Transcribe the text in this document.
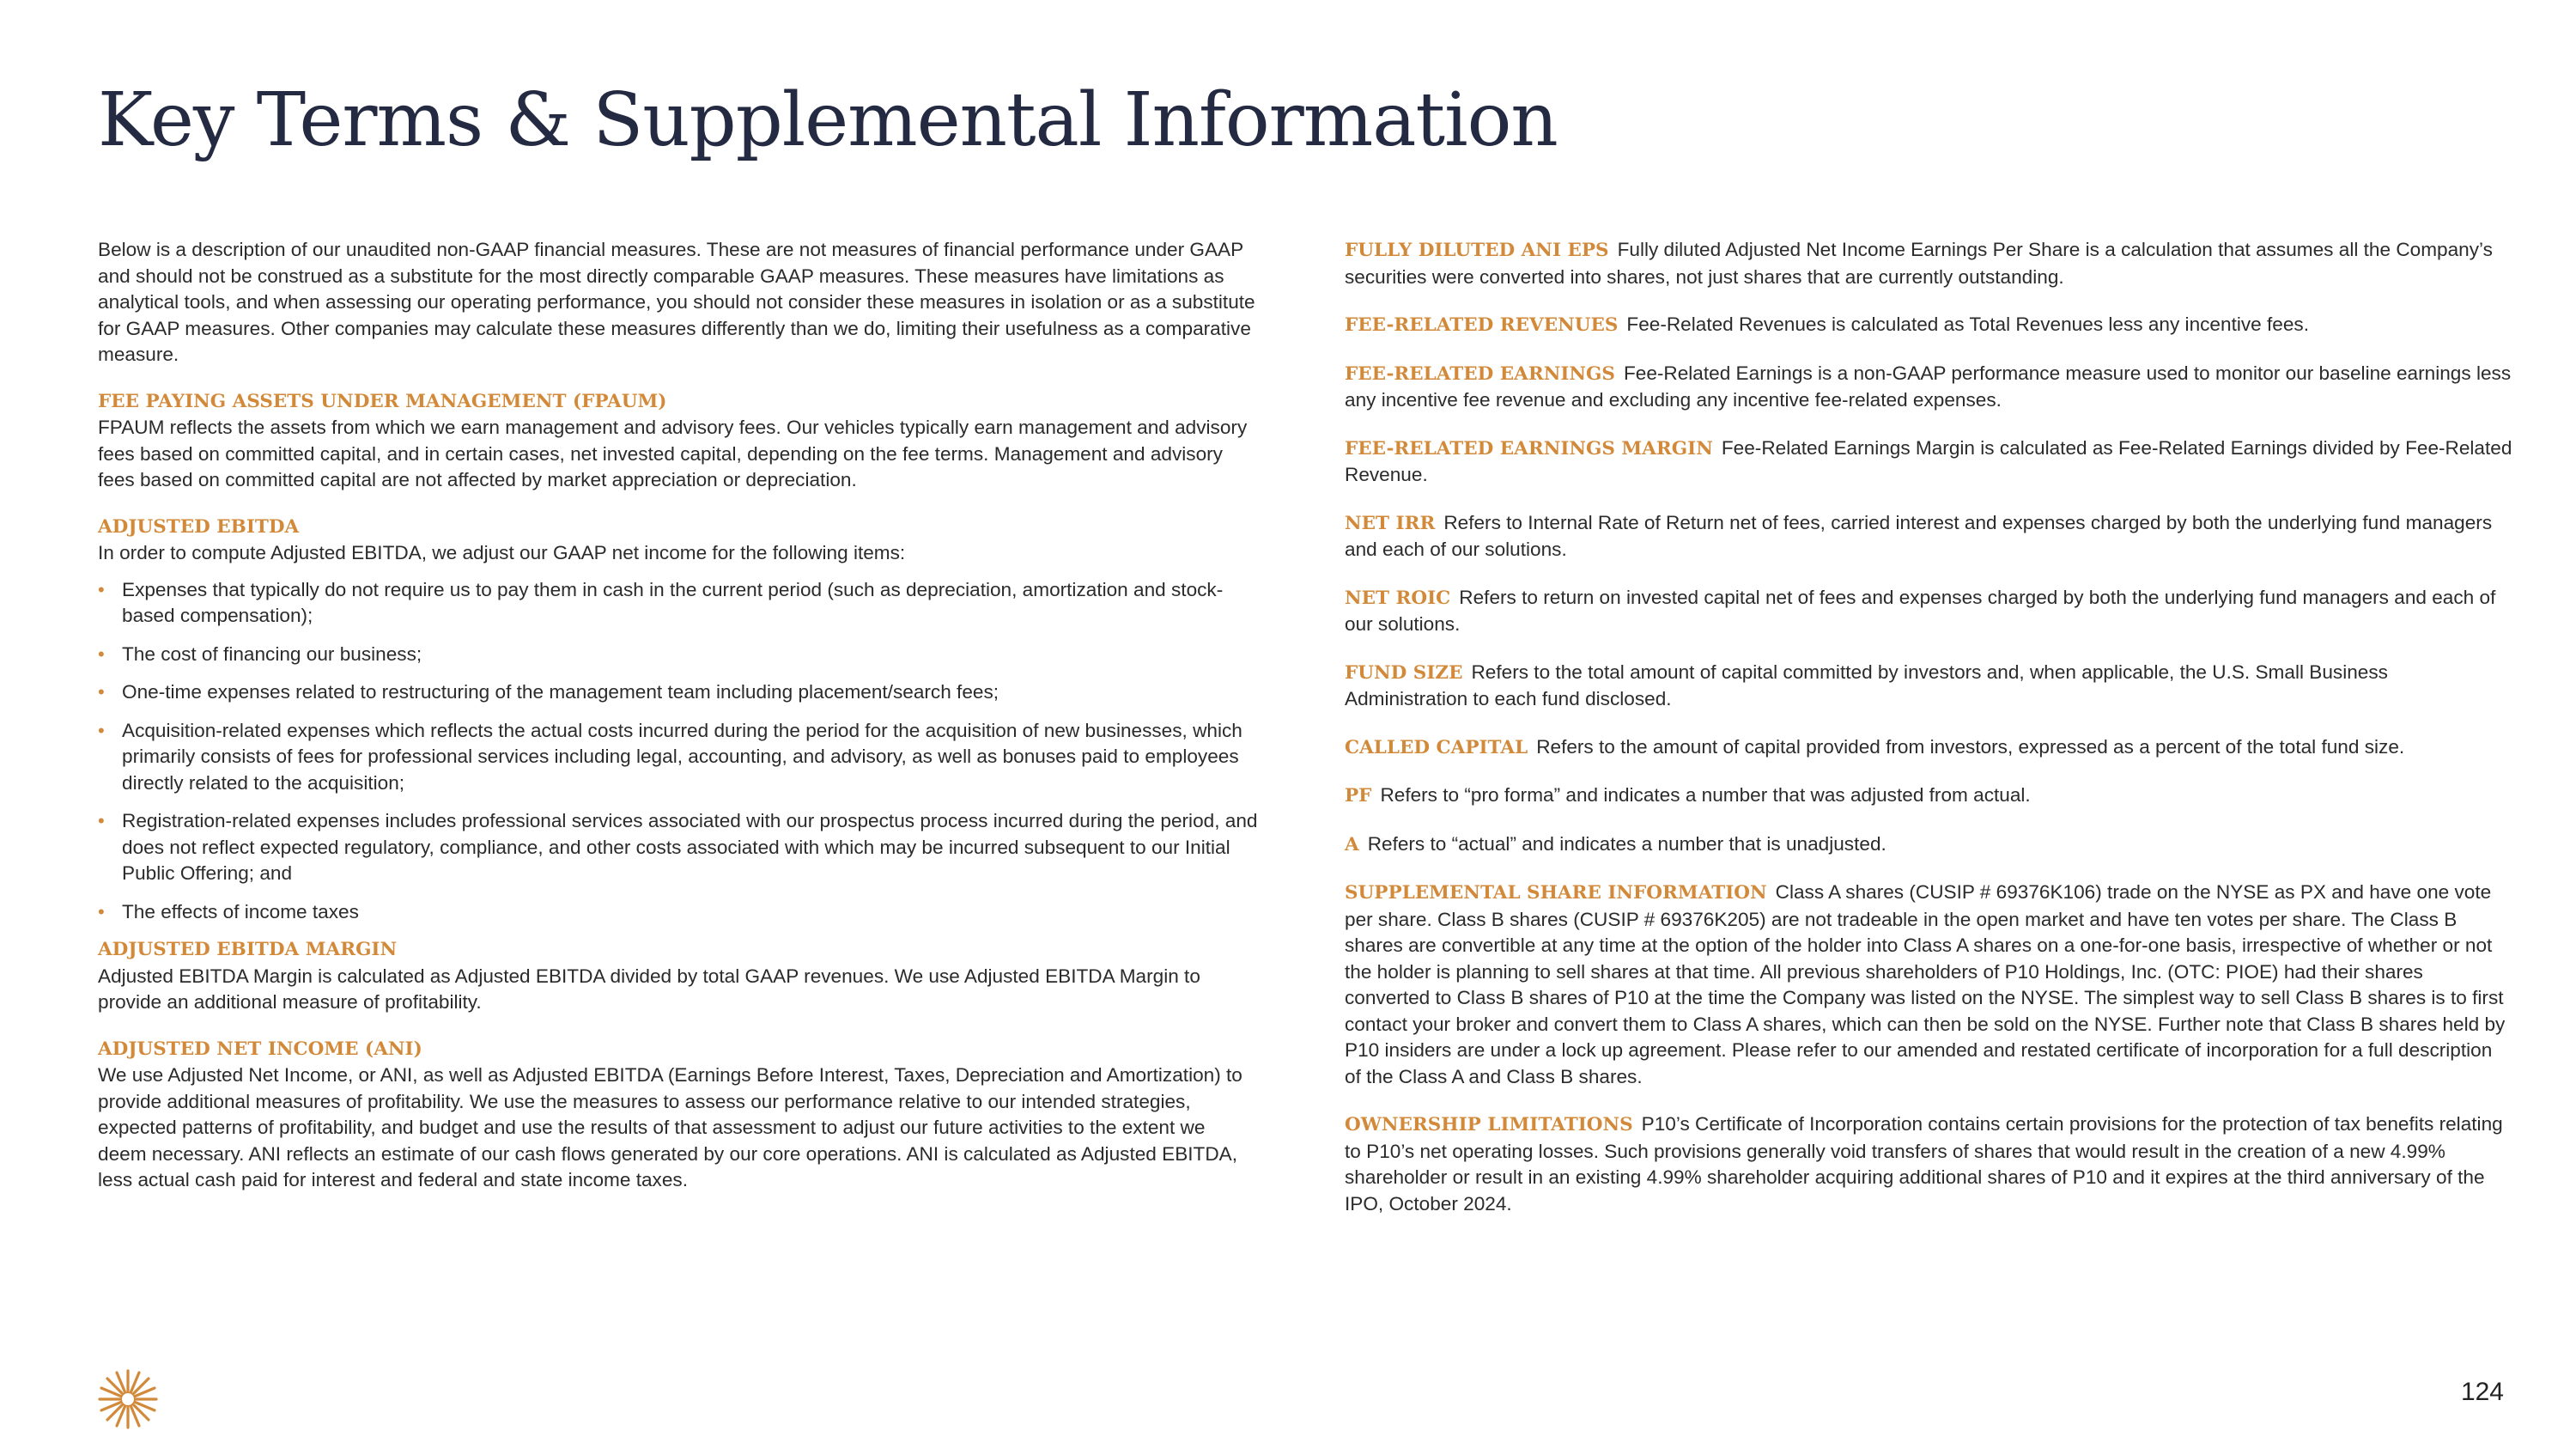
Key Terms & Supplemental Information

Below is a description of our unaudited non-GAAP financial measures. These are not measures of financial performance under GAAP and should not be construed as a substitute for the most directly comparable GAAP measures. These measures have limitations as analytical tools, and when assessing our operating performance, you should not consider these measures in isolation or as a substitute for GAAP measures. Other companies may calculate these measures differently than we do, limiting their usefulness as a comparative measure.

FEE PAYING ASSETS UNDER MANAGEMENT (FPAUM)

FPAUM reflects the assets from which we earn management and advisory fees. Our vehicles typically earn management and advisory fees based on committed capital, and in certain cases, net invested capital, depending on the fee terms. Management and advisory fees based on committed capital are not affected by market appreciation or depreciation.

ADJUSTED EBITDA

In order to compute Adjusted EBITDA, we adjust our GAAP net income for the following items:

• Expenses that typically do not require us to pay them in cash in the current period (such as depreciation, amortization and stock-based compensation);
• The cost of financing our business;
• One-time expenses related to restructuring of the management team including placement/search fees;
• Acquisition-related expenses which reflects the actual costs incurred during the period for the acquisition of new businesses, which primarily consists of fees for professional services including legal, accounting, and advisory, as well as bonuses paid to employees directly related to the acquisition;
• Registration-related expenses includes professional services associated with our prospectus process incurred during the period, and does not reflect expected regulatory, compliance, and other costs associated with which may be incurred subsequent to our Initial Public Offering; and
• The effects of income taxes

ADJUSTED EBITDA MARGIN

Adjusted EBITDA Margin is calculated as Adjusted EBITDA divided by total GAAP revenues. We use Adjusted EBITDA Margin to provide an additional measure of profitability.

ADJUSTED NET INCOME (ANI)

We use Adjusted Net Income, or ANI, as well as Adjusted EBITDA (Earnings Before Interest, Taxes, Depreciation and Amortization) to provide additional measures of profitability. We use the measures to assess our performance relative to our intended strategies, expected patterns of profitability, and budget and use the results of that assessment to adjust our future activities to the extent we deem necessary. ANI reflects an estimate of our cash flows generated by our core operations. ANI is calculated as Adjusted EBITDA, less actual cash paid for interest and federal and state income taxes.

FULLY DILUTED ANI EPS Fully diluted Adjusted Net Income Earnings Per Share is a calculation that assumes all the Company’s securities were converted into shares, not just shares that are currently outstanding.

FEE-RELATED REVENUES Fee-Related Revenues is calculated as Total Revenues less any incentive fees.

FEE-RELATED EARNINGS Fee-Related Earnings is a non-GAAP performance measure used to monitor our baseline earnings less any incentive fee revenue and excluding any incentive fee-related expenses.

FEE-RELATED EARNINGS MARGIN Fee-Related Earnings Margin is calculated as Fee-Related Earnings divided by Fee-Related Revenue.

NET IRR Refers to Internal Rate of Return net of fees, carried interest and expenses charged by both the underlying fund managers and each of our solutions.

NET ROIC Refers to return on invested capital net of fees and expenses charged by both the underlying fund managers and each of our solutions.

FUND SIZE Refers to the total amount of capital committed by investors and, when applicable, the U.S. Small Business Administration to each fund disclosed.

CALLED CAPITAL Refers to the amount of capital provided from investors, expressed as a percent of the total fund size.

PF Refers to “pro forma” and indicates a number that was adjusted from actual.

A Refers to “actual” and indicates a number that is unadjusted.

SUPPLEMENTAL SHARE INFORMATION Class A shares (CUSIP # 69376K106) trade on the NYSE as PX and have one vote per share. Class B shares (CUSIP # 69376K205) are not tradeable in the open market and have ten votes per share. The Class B shares are convertible at any time at the option of the holder into Class A shares on a one-for-one basis, irrespective of whether or not the holder is planning to sell shares at that time. All previous shareholders of P10 Holdings, Inc. (OTC: PIOE) had their shares converted to Class B shares of P10 at the time the Company was listed on the NYSE. The simplest way to sell Class B shares is to first contact your broker and convert them to Class A shares, which can then be sold on the NYSE. Further note that Class B shares held by P10 insiders are under a lock up agreement. Please refer to our amended and restated certificate of incorporation for a full description of the Class A and Class B shares.

OWNERSHIP LIMITATIONS P10’s Certificate of Incorporation contains certain provisions for the protection of tax benefits relating to P10’s net operating losses. Such provisions generally void transfers of shares that would result in the creation of a new 4.99% shareholder or result in an existing 4.99% shareholder acquiring additional shares of P10 and it expires at the third anniversary of the IPO, October 2024.

124
